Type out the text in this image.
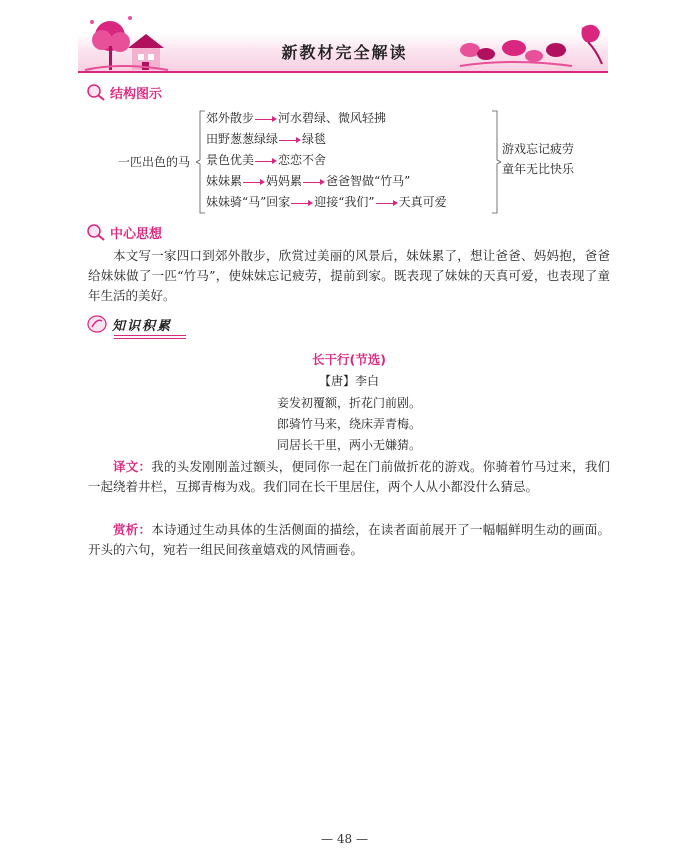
新教材完全解读
结构图示
一匹出色的马
郊外散步 河水碧绿、微风轻拂
田野葱葱绿绿 绿毯
景色优美 恋恋不舍
妹妹累 妈妈累 爸爸智做“竹马”
妹妹骑“马”回家 迎接“我们” 天真可爱
游戏忘记疲劳
童年无比快乐
中心思想
本文写一家四口到郊外散步，欣赏过美丽的风景后，妹妹累了，想让爸爸、妈妈抱，爸爸给妹妹做了一匹“竹马”，使妹妹忘记疲劳，提前到家。既表现了妹妹的天真可爱，也表现了童年生活的美好。
知识积累
长干行(节选)
【唐】李白
妾发初覆额，折花门前剧。
郎骑竹马来，绕床弄青梅。
同居长干里，两小无嫌猜。
译文：我的头发刚刚盖过额头，便同你一起在门前做折花的游戏。你骑着竹马过来，我们一起绕着井栏，互掷青梅为戏。我们同在长干里居住，两个人从小都没什么猜忌。
赏析：本诗通过生动具体的生活侧面的描绘，在读者面前展开了一幅幅鲜明生动的画面。开头的六句，宛若一组民间孩童嬉戏的风情画卷。
— 48 —
